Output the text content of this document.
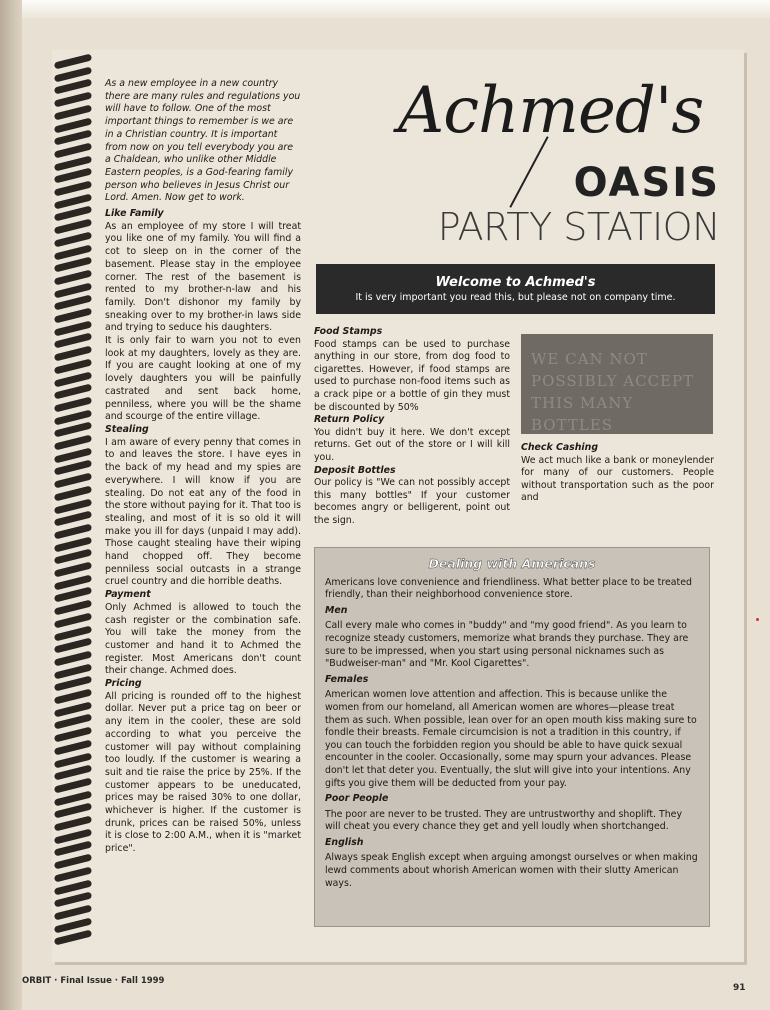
As a new employee in a new country there are many rules and regulations you will have to follow. One of the most important things to remember is we are in a Christian country. It is important from now on you tell everybody you are a Chaldean, who unlike other Middle Eastern peoples, is a God-fearing family person who believes in Jesus Christ our Lord. Amen. Now get to work.

Like Family

As an employee of my store I will treat you like one of my family. You will find a cot to sleep on in the corner of the basement. Please stay in the employee corner. The rest of the basement is rented to my brother-n-law and his family. Don't dishonor my family by sneaking over to my brother-in laws side and trying to seduce his daughters.

It is only fair to warn you not to even look at my daughters, lovely as they are. If you are caught looking at one of my lovely daughters you will be painfully castrated and sent back home, penniless, where you will be the shame and scourge of the entire village.

Stealing

I am aware of every penny that comes in to and leaves the store. I have eyes in the back of my head and my spies are everywhere. I will know if you are stealing. Do not eat any of the food in the store without paying for it. That too is stealing, and most of it is so old it will make you ill for days (unpaid I may add). Those caught stealing have their wiping hand chopped off. They become penniless social outcasts in a strange cruel country and die horrible deaths.

Payment

Only Achmed is allowed to touch the cash register or the combination safe. You will take the money from the customer and hand it to Achmed the register. Most Americans don't count their change. Achmed does.

Pricing

All pricing is rounded off to the highest dollar. Never put a price tag on beer or any item in the cooler, these are sold according to what you perceive the customer will pay without complaining too loudly. If the customer is wearing a suit and tie raise the price by 25%. If the customer appears to be uneducated, prices may be raised 30% to one dollar, whichever is higher. If the customer is drunk, prices can be raised 50%, unless it is close to 2:00 A.M., when it is "market price".

Achmed's
OASIS
PARTY STATION
Welcome to Achmed's
It is very important you read this, but please not on company time.

Food Stamps

Food stamps can be used to purchase anything in our store, from dog food to cigarettes. However, if food stamps are used to purchase non-food items such as a crack pipe or a bottle of gin they must be discounted by 50%

Return Policy

You didn't buy it here. We don't except returns. Get out of the store or I will kill you.

Deposit Bottles

Our policy is "We can not possibly accept this many bottles" If your customer becomes angry or belligerent, point out the sign.

WE CAN NOT POSSIBLY ACCEPT THIS MANY BOTTLES

Check Cashing

We act much like a bank or moneylender for many of our customers. People without transportation such as the poor and

Dealing with Americans

Americans love convenience and friendliness. What better place to be treated friendly, than their neighborhood convenience store.

Men

Call every male who comes in "buddy" and "my good friend". As you learn to recognize steady customers, memorize what brands they purchase. They are sure to be impressed, when you start using personal nicknames such as "Budweiser-man" and "Mr. Kool Cigarettes".

Females

American women love attention and affection. This is because unlike the women from our homeland, all American women are whores—please treat them as such. When possible, lean over for an open mouth kiss making sure to fondle their breasts. Female circumcision is not a tradition in this country, if you can touch the forbidden region you should be able to have quick sexual encounter in the cooler. Occasionally, some may spurn your advances. Please don't let that deter you. Eventually, the slut will give into your intentions. Any gifts you give them will be deducted from your pay.

Poor People

The poor are never to be trusted. They are untrustworthy and shoplift. They will cheat you every chance they get and yell loudly when shortchanged.

English

Always speak English except when arguing amongst ourselves or when making lewd comments about whorish American women with their slutty American ways.

ORBIT · Final Issue · Fall 1999
91
